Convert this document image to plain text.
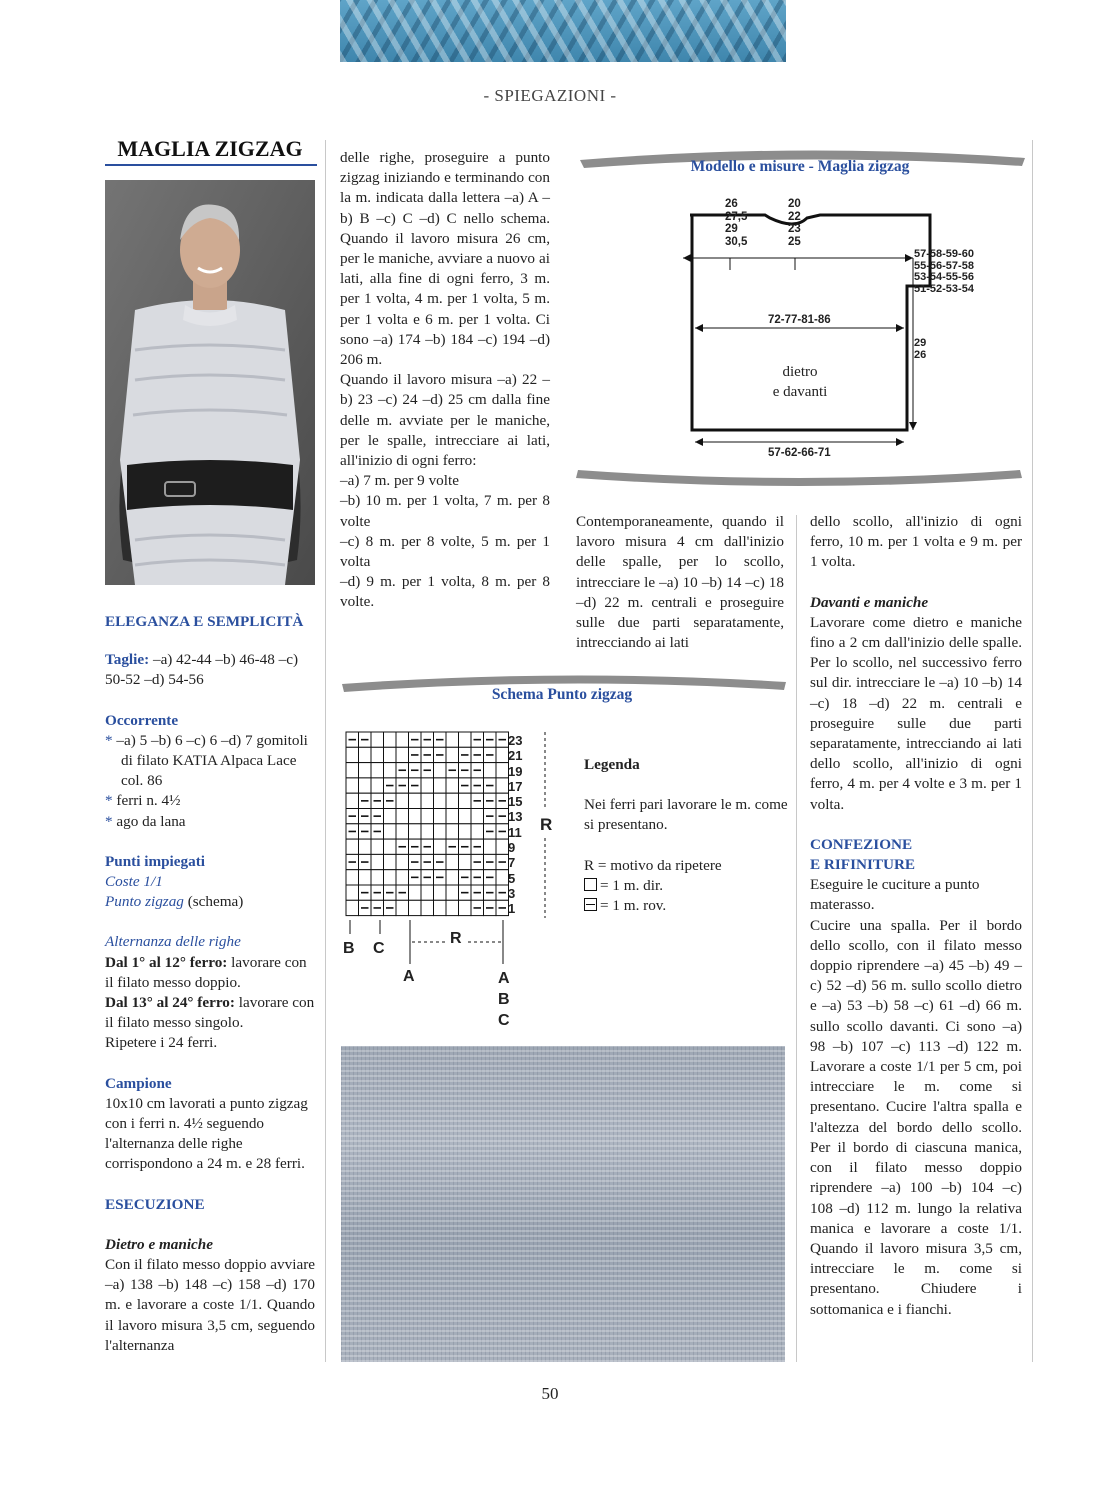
- SPIEGAZIONI -
MAGLIA ZIGZAG

ELEGANZA E SEMPLICITÀ

Taglie: –a) 42-44 –b) 46-48 –c) 50-52 –d) 54-56

Occorrente

* –a) 5 –b) 6 –c) 6 –d) 7 gomitoli di filato KATIA Alpaca Lace col. 86

* ferri n. 4½

* ago da lana

Punti impiegati

Coste 1/1

Punto zigzag (schema)

Alternanza delle righe

Dal 1° al 12° ferro: lavorare con il filato messo doppio.

Dal 13° al 24° ferro: lavorare con il filato messo singolo.

Ripetere i 24 ferri.

Campione

10x10 cm lavorati a punto zigzag con i ferri n. 4½ seguendo l'alternanza delle righe corrispondono a 24 m. e 28 ferri.

ESECUZIONE

Dietro e maniche

Con il filato messo doppio avviare –a) 138 –b) 148 –c) 158 –d) 170 m. e lavorare a coste 1/1. Quando il lavoro misura 3,5 cm, seguendo l'alternanza

delle righe, proseguire a punto zigzag iniziando e terminando con la m. indicata dalla lettera –a) A –b) B –c) C –d) C nello schema. Quando il lavoro misura 26 cm, per le maniche, avviare a nuovo ai lati, alla fine di ogni ferro, 3 m. per 1 volta, 4 m. per 1 volta, 5 m. per 1 volta e 6 m. per 1 volta. Ci sono –a) 174 –b) 184 –c) 194 –d) 206 m.

Quando il lavoro misura –a) 22 –b) 23 –c) 24 –d) 25 cm dalla fine delle m. avviate per le maniche, per le spalle, intrecciare ai lati, all'inizio di ogni ferro:

–a) 7 m. per 9 volte

–b) 10 m. per 1 volta, 7 m. per 8 volte

–c) 8 m. per 8 volte, 5 m. per 1 volta

–d) 9 m. per 1 volta, 8 m. per 8 volte.

Modello e misure - Maglia zigzag
26
27,5
29
30,5
20
22
23
25
57-58-59-60
55-56-57-58
53-54-55-56
51-52-53-54
72-77-81-86
29
26
dietro
e davanti
57-62-66-71

Contemporaneamente, quando il lavoro misura 4 cm dall'inizio delle spalle, per lo scollo, intrecciare le –a) 10 –b) 14 –c) 18 –d) 22 m. centrali e proseguire sulle due parti separatamente, intrecciando ai lati

dello scollo, all'inizio di ogni ferro, 10 m. per 1 volta e 9 m. per 1 volta.

Davanti e maniche

Lavorare come dietro e maniche fino a 2 cm dall'inizio delle spalle. Per lo scollo, nel successivo ferro sul dir. intrecciare le –a) 10 –b) 14 –c) 18 –d) 22 m. centrali e proseguire sulle due parti separatamente, intrecciando ai lati dello scollo, all'inizio di ogni ferro, 4 m. per 4 volte e 3 m. per 1 volta.

CONFEZIONE

E RIFINITURE

Eseguire le cuciture a punto materasso.

Cucire una spalla. Per il bordo dello scollo, con il filato messo doppio riprendere –a) 45 –b) 49 –c) 52 –d) 56 m. sullo scollo dietro e –a) 53 –b) 58 –c) 61 –d) 66 m. sullo scollo davanti. Ci sono –a) 98 –b) 107 –c) 113 –d) 122 m. Lavorare a coste 1/1 per 5 cm, poi intrecciare le m. come si presentano. Cucire l'altra spalla e l'altezza del bordo dello scollo. Per il bordo di ciascuna manica, con il filato messo doppio riprendere –a) 100 –b) 104 –c) 108 –d) 112 m. lungo la relativa manica e lavorare a coste 1/1. Quando il lavoro misura 3,5 cm, intrecciare le m. come si presentano. Chiudere i sottomanica e i fianchi.

Schema Punto zigzag
23
21
19
17
15
13
11
9
7
5
3
1
R
B C
R
A	A
B
C

Legenda

Nei ferri pari lavorare le m. come si presentano.

R = motivo da ripetere

= 1 m. dir.

= 1 m. rov.

50
